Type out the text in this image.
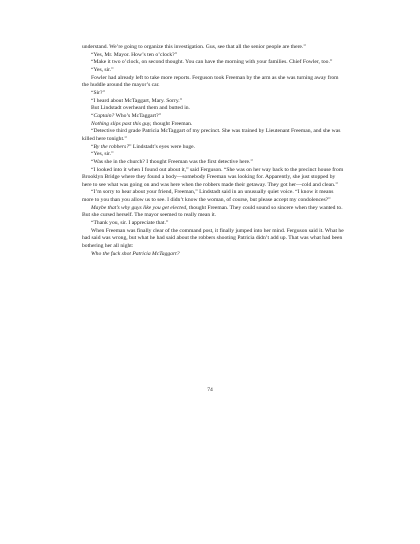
understand. We’re going to organize this investigation. Gus, see that all the senior people are there.”

“Yes, Mr. Mayor. How’s ten o’clock?”

“Make it two o’clock, on second thought. You can have the morning with your families. Chief Fowler, too.”

“Yes, sir.”

Fowler had already left to take more reports. Ferguson took Freeman by the arm as she was turning away from the huddle around the mayor’s car.

“Sir?”

“I heard about McTaggart, Mary. Sorry.”

But Lindstadt overheard them and butted in.

“Captain? Who’s McTaggart?”

Nothing slips past this guy, thought Freeman.

“Detective third grade Patricia McTaggart of my precinct. She was trained by Lieutenant Freeman, and she was killed here tonight.”

“By the robbers?” Lindstadt’s eyes were huge.

“Yes, sir.”

“Was she in the church? I thought Freeman was the first detective here.”

“I looked into it when I found out about it,” said Ferguson. “She was on her way back to the precinct house from Brooklyn Bridge where they found a body—somebody Freeman was looking for. Apparently, she just stopped by here to see what was going on and was here when the robbers made their getaway. They got her—cold and clean.”

“I’m sorry to hear about your friend, Freeman,” Lindstadt said in an unusually quiet voice. “I know it means more to you than you allow us to see. I didn’t know the woman, of course, but please accept my condolences?”

Maybe that’s why guys like you get elected, thought Freeman. They could sound so sincere when they wanted to. But she cursed herself. The mayor seemed to really mean it.

“Thank you, sir. I appreciate that.”

When Freeman was finally clear of the command post, it finally jumped into her mind. Ferguson said it. What he had said was wrong, but what he had said about the robbers shooting Patricia didn’t add up. That was what had been bothering her all night:

Who the fuck shot Patricia McTaggart?

74
